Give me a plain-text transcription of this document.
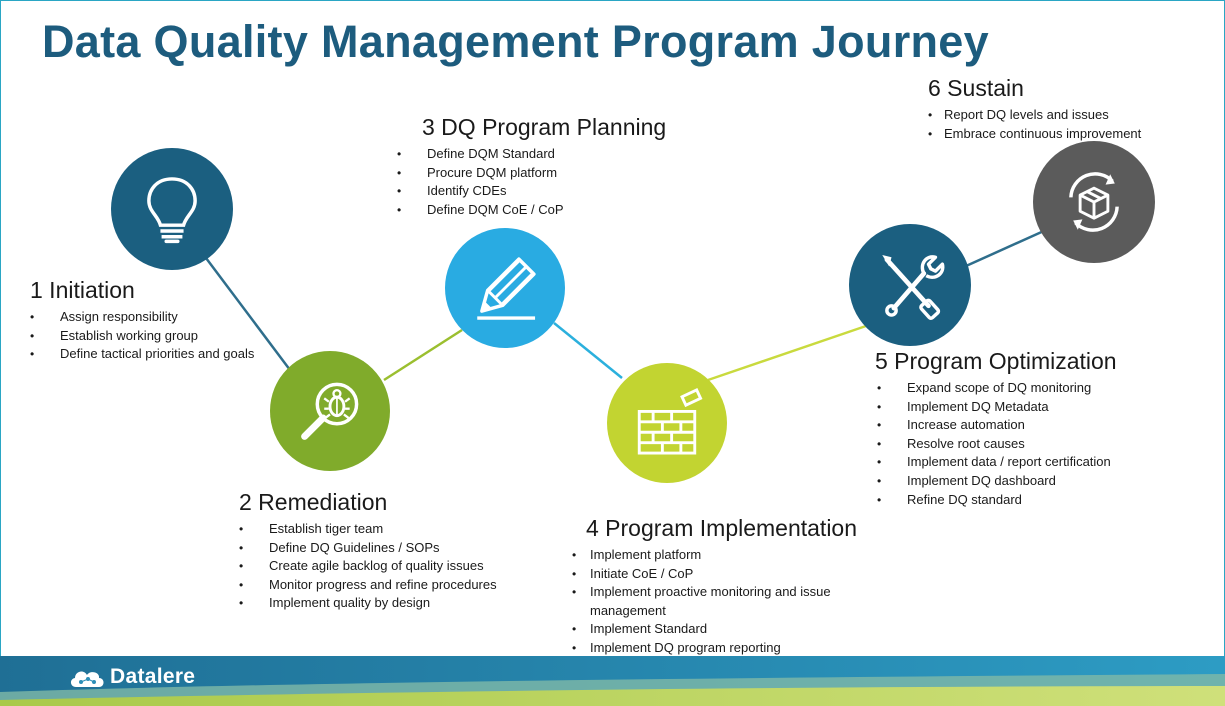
Data Quality Management Program Journey
1 Initiation
• Assign responsibility
• Establish working group
• Define tactical priorities and goals
2 Remediation
• Establish tiger team
• Define DQ Guidelines / SOPs
• Create agile backlog of quality issues
• Monitor progress and refine procedures
• Implement quality by design
3 DQ Program Planning
• Define DQM Standard
• Procure DQM platform
• Identify CDEs
• Define DQM CoE / CoP
4 Program Implementation
• Implement platform
• Initiate CoE / CoP
• Implement proactive monitoring and issue management
• Implement Standard
• Implement DQ program reporting
5 Program Optimization
• Expand scope of DQ monitoring
• Implement DQ Metadata
• Increase automation
• Resolve root causes
• Implement data / report certification
• Implement DQ dashboard
• Refine DQ standard
6 Sustain
• Report DQ levels and issues
• Embrace continuous improvement
Datalere
